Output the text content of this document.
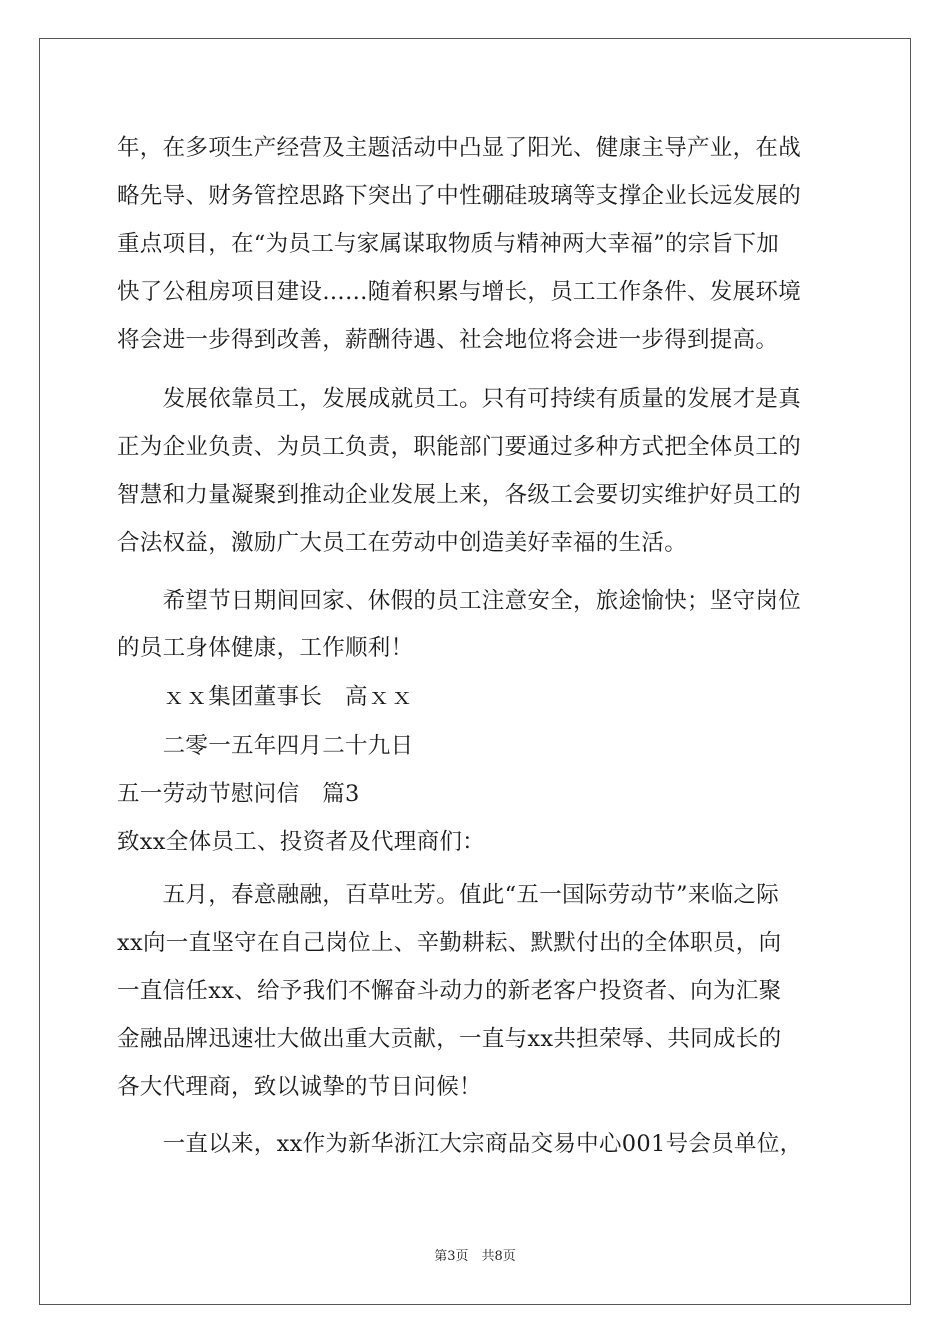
年，在多项生产经营及主题活动中凸显了阳光、健康主导产业，在战
略先导、财务管控思路下突出了中性硼硅玻璃等支撑企业长远发展的
重点项目，在“为员工与家属谋取物质与精神两大幸福”的宗旨下加
快了公租房项目建设……随着积累与增长，员工工作条件、发展环境
将会进一步得到改善，薪酬待遇、社会地位将会进一步得到提高。
　　发展依靠员工，发展成就员工。只有可持续有质量的发展才是真
正为企业负责、为员工负责，职能部门要通过多种方式把全体员工的
智慧和力量凝聚到推动企业发展上来，各级工会要切实维护好员工的
合法权益，激励广大员工在劳动中创造美好幸福的生活。
　　希望节日期间回家、休假的员工注意安全，旅途愉快；坚守岗位
的员工身体健康，工作顺利！
　　ｘｘ集团董事长　高ｘｘ
　　二零一五年四月二十九日
五一劳动节慰问信　篇3
致xx全体员工、投资者及代理商们：
　　五月，春意融融，百草吐芳。值此“五一国际劳动节”来临之际
xx向一直坚守在自己岗位上、辛勤耕耘、默默付出的全体职员，向
一直信任xx、给予我们不懈奋斗动力的新老客户投资者、向为汇聚
金融品牌迅速壮大做出重大贡献，一直与xx共担荣辱、共同成长的
各大代理商，致以诚挚的节日问候！
　　一直以来，xx作为新华浙江大宗商品交易中心001号会员单位，
第3页　共8页
